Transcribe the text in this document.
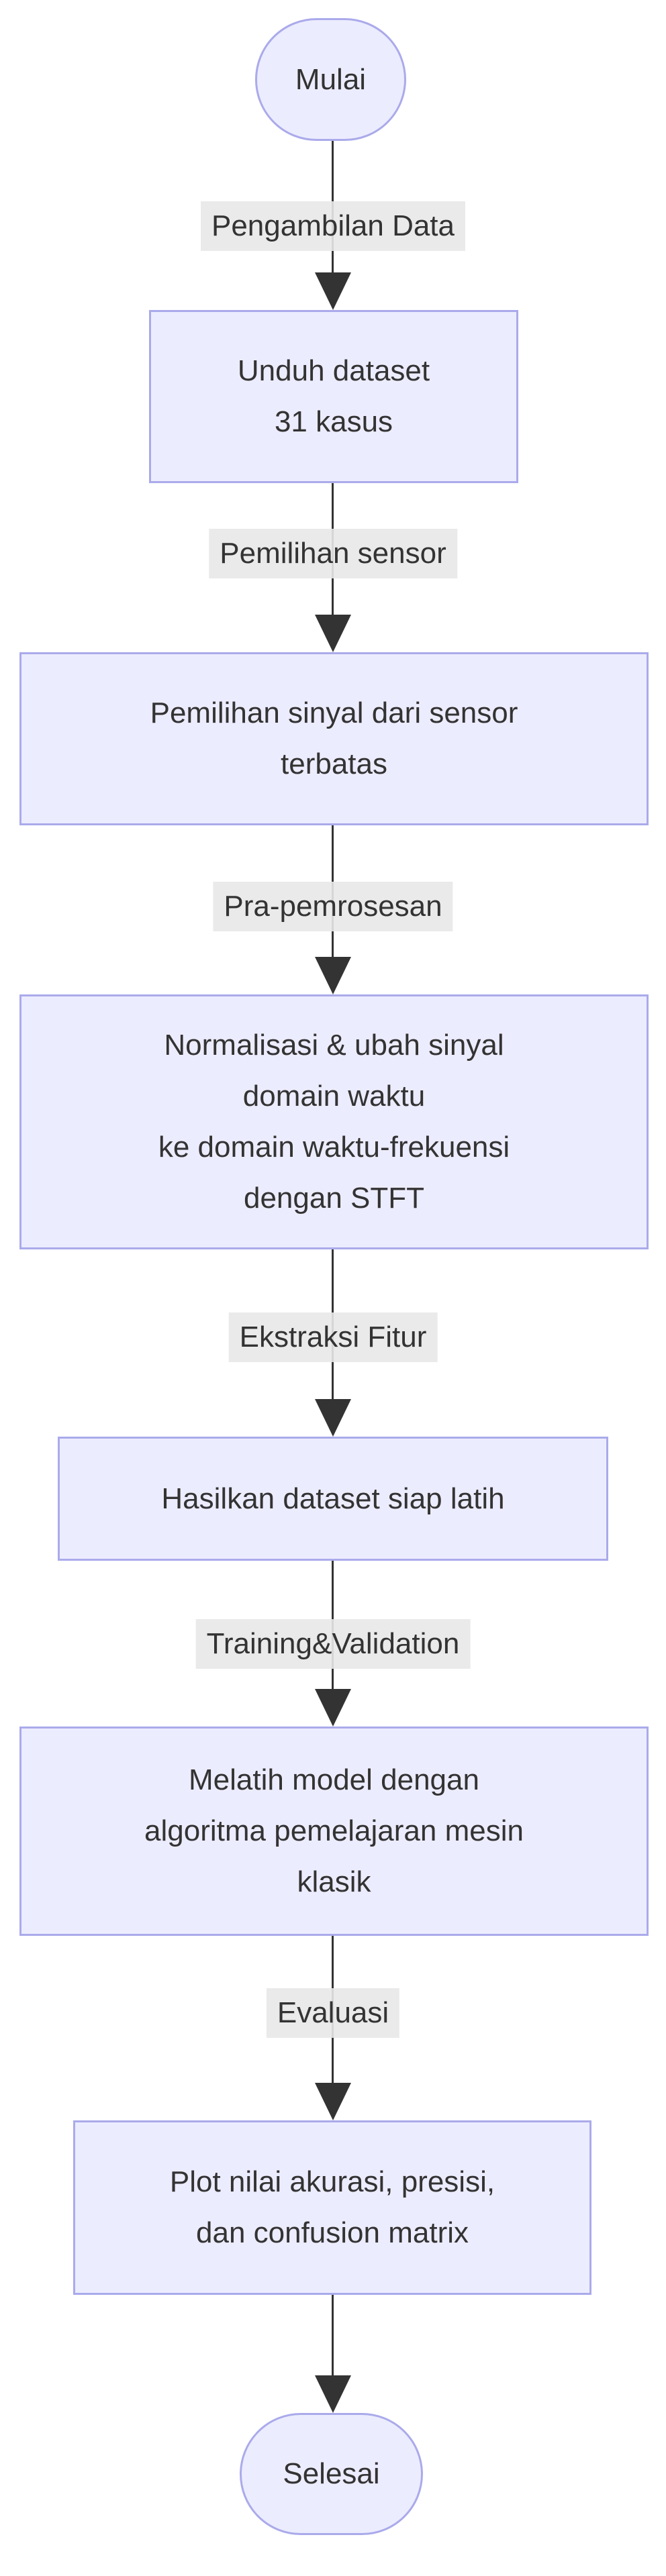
Pengambilan Data
Pemilihan sensor
Pra-pemrosesan
Ekstraksi Fitur
Training&Validation
Evaluasi
Mulai
Unduh dataset
31 kasus
Pemilihan sinyal dari sensor
terbatas
Normalisasi & ubah sinyal
domain waktu
ke domain waktu-frekuensi
dengan STFT
Hasilkan dataset siap latih
Melatih model dengan
algoritma pemelajaran mesin
klasik
Plot nilai akurasi, presisi,
dan confusion matrix
Selesai
